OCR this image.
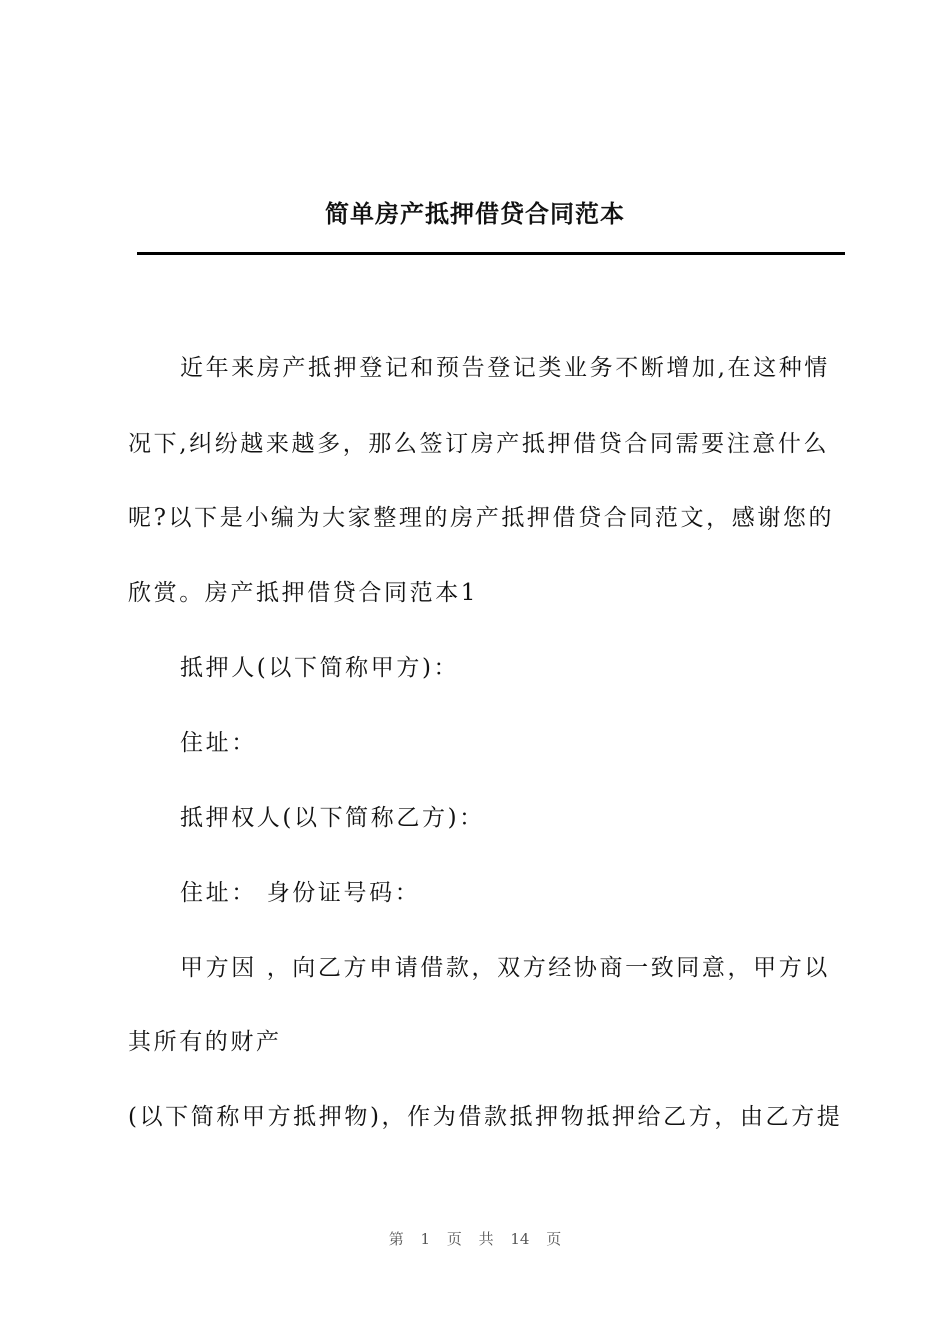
简单房产抵押借贷合同范本
近年来房产抵押登记和预告登记类业务不断增加,在这种情
况下,纠纷越来越多，那么签订房产抵押借贷合同需要注意什么
呢?以下是小编为大家整理的房产抵押借贷合同范文，感谢您的
欣赏。房产抵押借贷合同范本1
抵押人(以下简称甲方)：
住址：
抵押权人(以下简称乙方)：
住址： 身份证号码：
甲方因 ，向乙方申请借款，双方经协商一致同意，甲方以
其所有的财产
(以下简称甲方抵押物)，作为借款抵押物抵押给乙方，由乙方提
第 1 页 共 14 页
